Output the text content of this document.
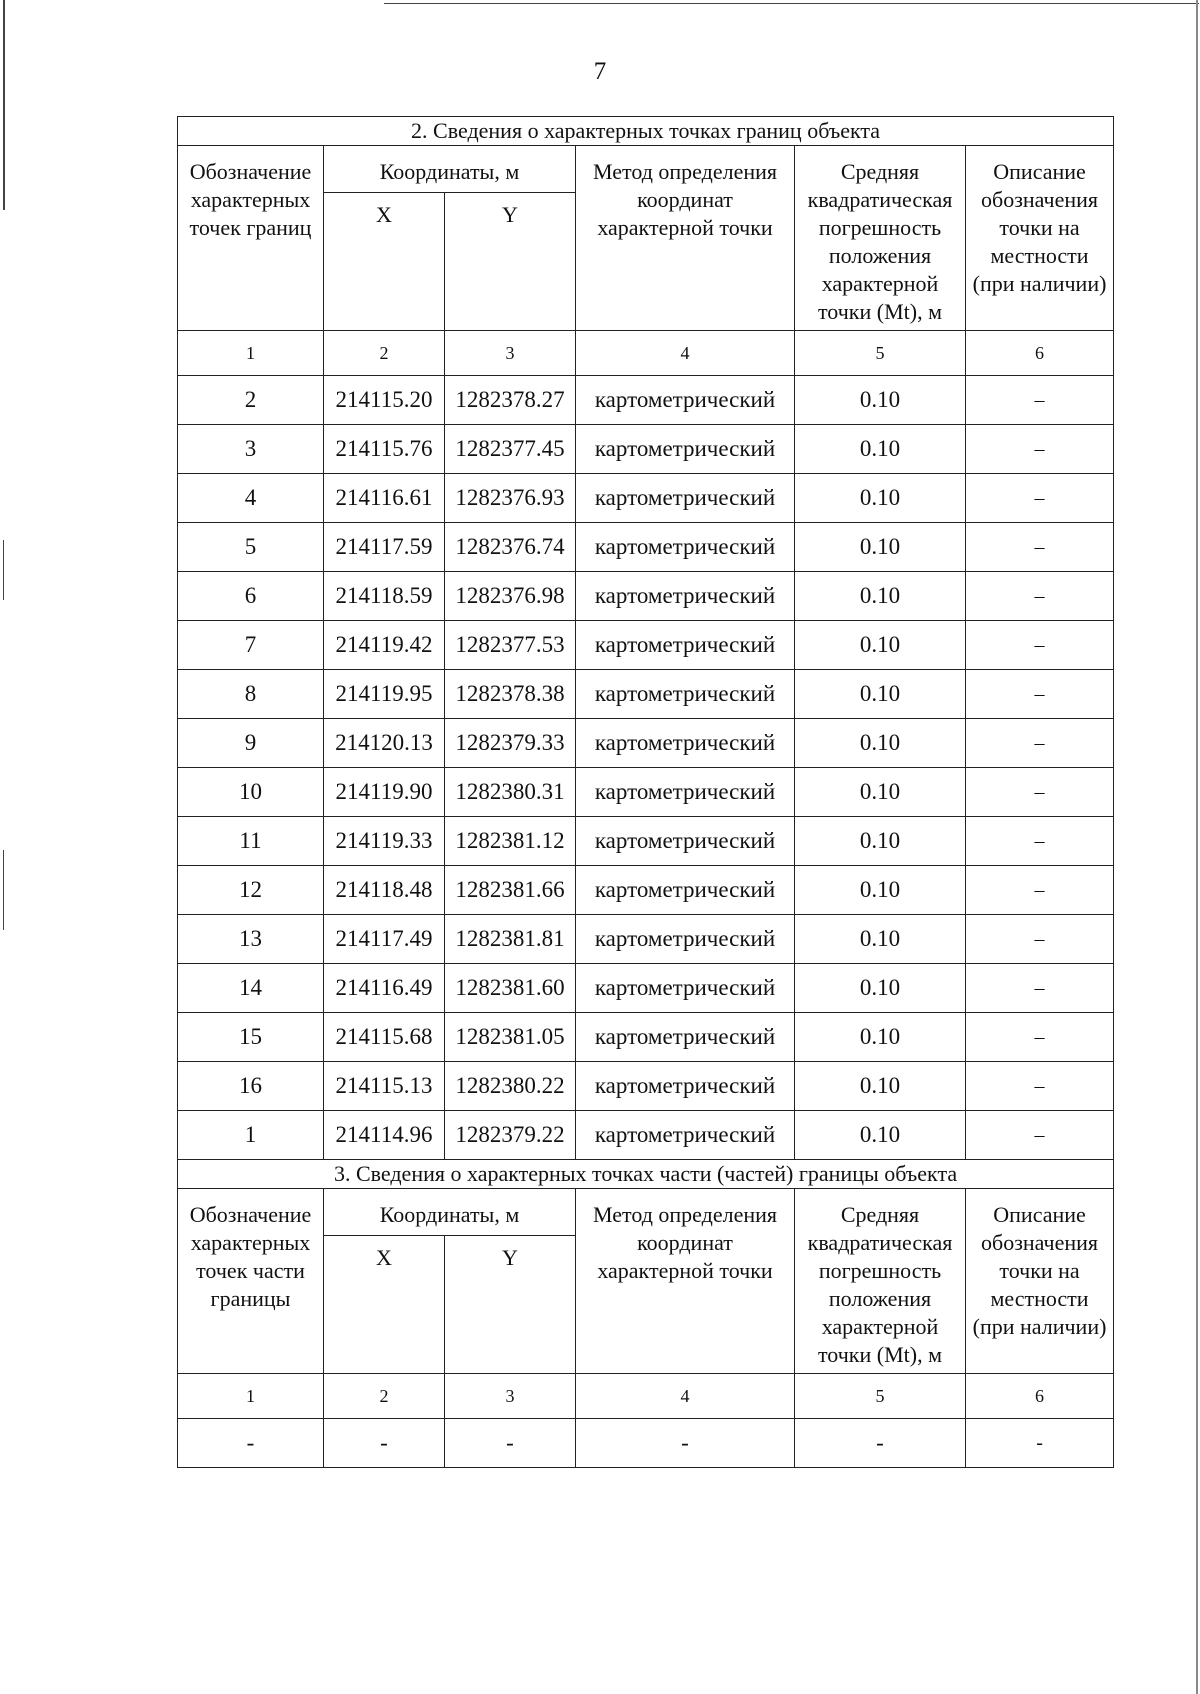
7
2. Сведения о характерных точках границ объекта					
Обозначение характерных точек границ	Координаты, м		Метод определения координат характерной точки	Средняя квадратическая погрешность положения характерной точки (Mt), м	Описание обозначения точки на местности (при наличии)
	X	Y			
1	2	3	4	5	6
2	214115.20	1282378.27	картометрический	0.10	–
3	214115.76	1282377.45	картометрический	0.10	–
4	214116.61	1282376.93	картометрический	0.10	–
5	214117.59	1282376.74	картометрический	0.10	–
6	214118.59	1282376.98	картометрический	0.10	–
7	214119.42	1282377.53	картометрический	0.10	–
8	214119.95	1282378.38	картометрический	0.10	–
9	214120.13	1282379.33	картометрический	0.10	–
10	214119.90	1282380.31	картометрический	0.10	–
11	214119.33	1282381.12	картометрический	0.10	–
12	214118.48	1282381.66	картометрический	0.10	–
13	214117.49	1282381.81	картометрический	0.10	–
14	214116.49	1282381.60	картометрический	0.10	–
15	214115.68	1282381.05	картометрический	0.10	–
16	214115.13	1282380.22	картометрический	0.10	–
1	214114.96	1282379.22	картометрический	0.10	–
3. Сведения о характерных точках части (частей) границы объекта					
Обозначение характерных точек части границы	Координаты, м		Метод определения координат характерной точки	Средняя квадратическая погрешность положения характерной точки (Mt), м	Описание обозначения точки на местности (при наличии)
	X	Y			
1	2	3	4	5	6
-	-	-	-	-	-
